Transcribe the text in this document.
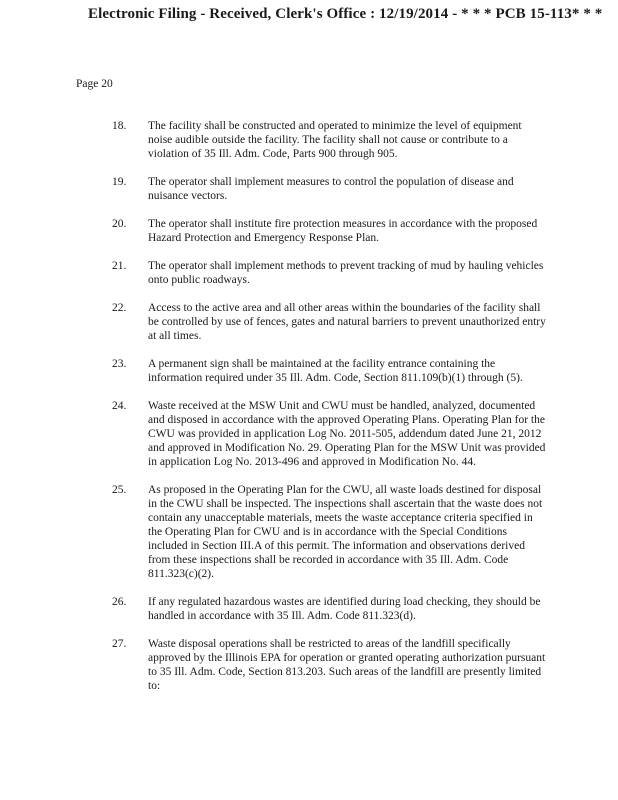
Electronic Filing - Received, Clerk's Office : 12/19/2014 - * * * PCB 15-113* * *
Page 20
18.	The facility shall be constructed and operated to minimize the level of equipment noise audible outside the facility. The facility shall not cause or contribute to a violation of 35 Ill. Adm. Code, Parts 900 through 905.
19.	The operator shall implement measures to control the population of disease and nuisance vectors.
20.	The operator shall institute fire protection measures in accordance with the proposed Hazard Protection and Emergency Response Plan.
21.	The operator shall implement methods to prevent tracking of mud by hauling vehicles onto public roadways.
22.	Access to the active area and all other areas within the boundaries of the facility shall be controlled by use of fences, gates and natural barriers to prevent unauthorized entry at all times.
23.	A permanent sign shall be maintained at the facility entrance containing the information required under 35 Ill. Adm. Code, Section 811.109(b)(1) through (5).
24.	Waste received at the MSW Unit and CWU must be handled, analyzed, documented and disposed in accordance with the approved Operating Plans. Operating Plan for the CWU was provided in application Log No. 2011-505, addendum dated June 21, 2012 and approved in Modification No. 29. Operating Plan for the MSW Unit was provided in application Log No. 2013-496 and approved in Modification No. 44.
25.	As proposed in the Operating Plan for the CWU, all waste loads destined for disposal in the CWU shall be inspected. The inspections shall ascertain that the waste does not contain any unacceptable materials, meets the waste acceptance criteria specified in the Operating Plan for CWU and is in accordance with the Special Conditions included in Section III.A of this permit. The information and observations derived from these inspections shall be recorded in accordance with 35 Ill. Adm. Code 811.323(c)(2).
26.	If any regulated hazardous wastes are identified during load checking, they should be handled in accordance with 35 Ill. Adm. Code 811.323(d).
27.	Waste disposal operations shall be restricted to areas of the landfill specifically approved by the Illinois EPA for operation or granted operating authorization pursuant to 35 Ill. Adm. Code, Section 813.203. Such areas of the landfill are presently limited to:
